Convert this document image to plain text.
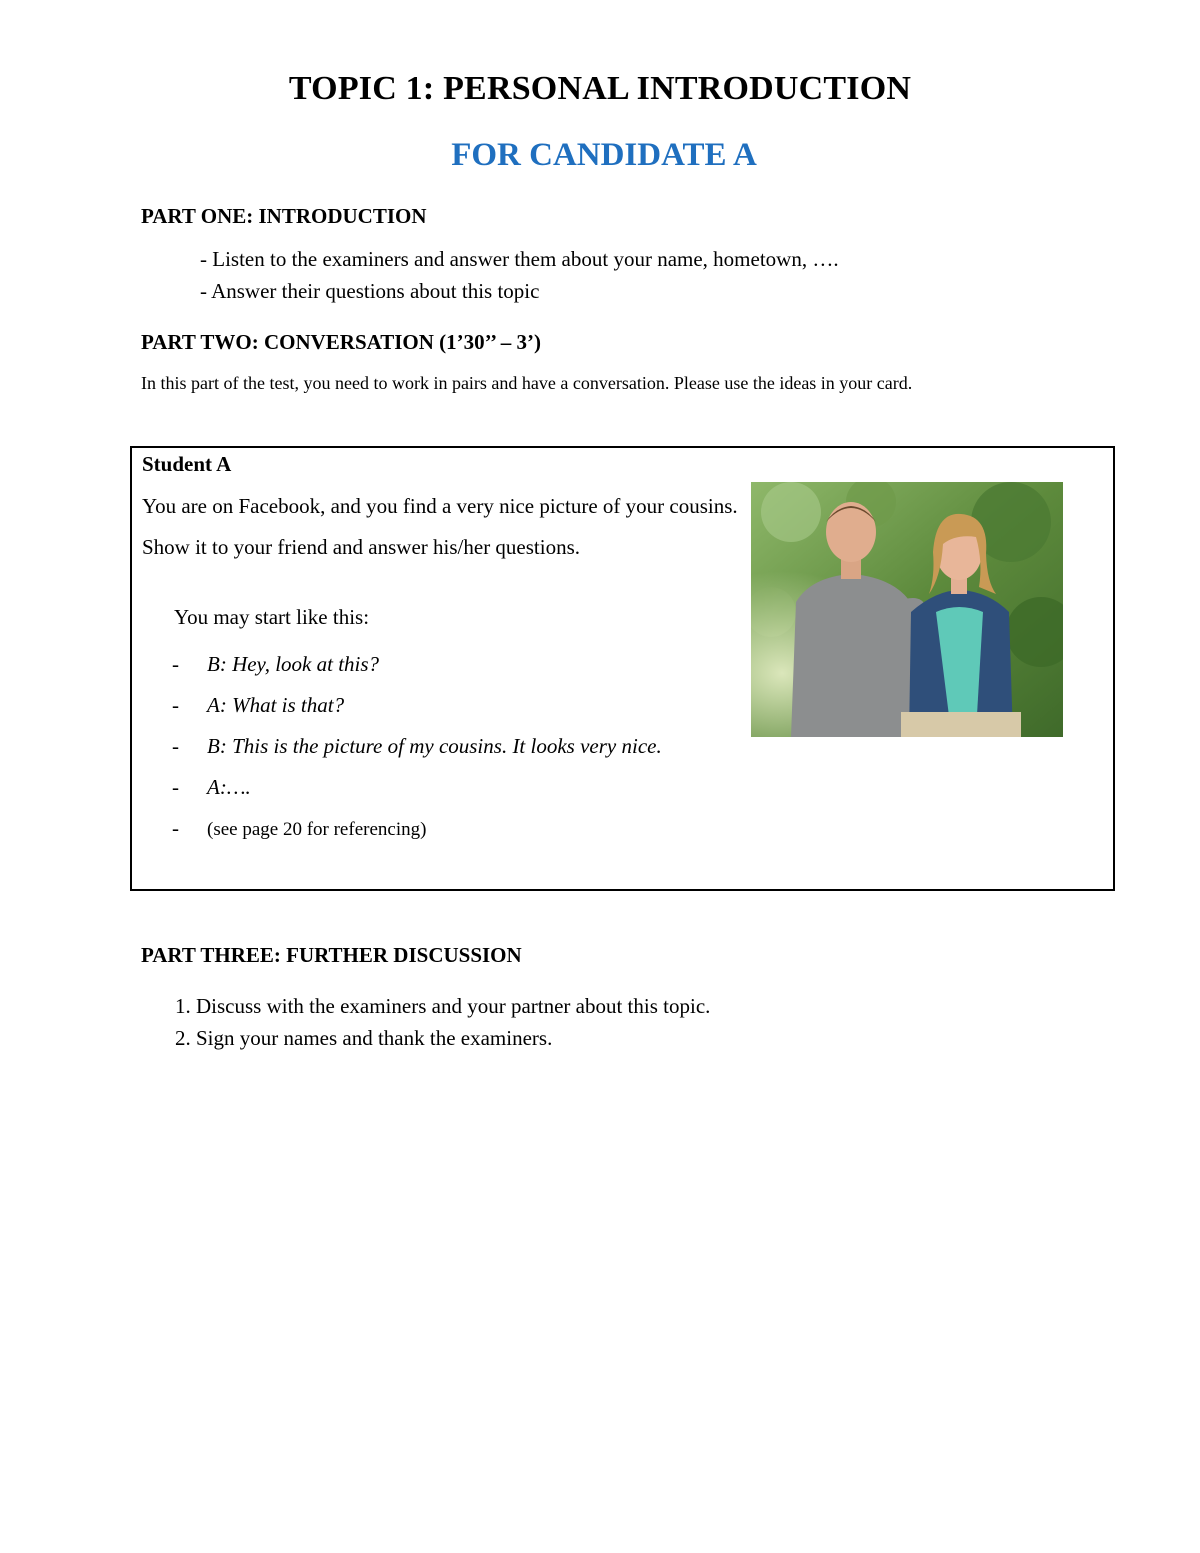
TOPIC 1: PERSONAL INTRODUCTION
FOR CANDIDATE A
PART ONE: INTRODUCTION
- Listen to the examiners and answer them about your name, hometown, ….
- Answer their questions about this topic
PART TWO: CONVERSATION (1’30’’ – 3’)
In this part of the test, you need to work in pairs and have a conversation. Please use the ideas in your card.
Student A
You are on Facebook, and you find a very nice picture of your cousins. Show it to your friend and answer his/her questions.
You may start like this:
- B: Hey, look at this?
- A: What is that?
- B: This is the picture of my cousins. It looks very nice.
- A:….
- (see page 20 for referencing)
PART THREE: FURTHER DISCUSSION
1. Discuss with the examiners and your partner about this topic.
2. Sign your names and thank the examiners.
